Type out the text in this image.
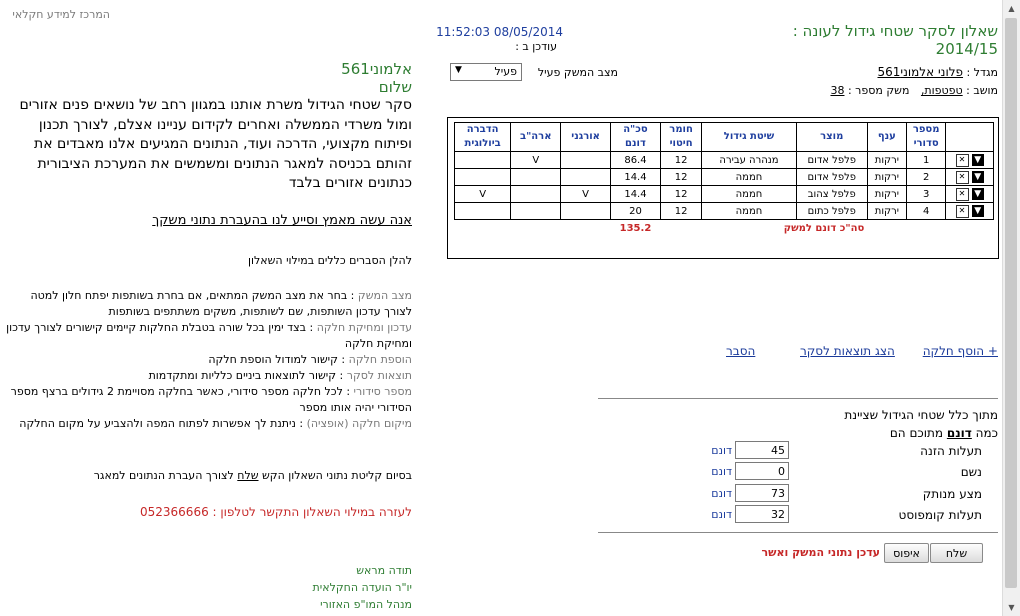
המרכז למידע חקלאי
11:52:03 08/05/2014 עודכן ב :
שאלון לסקר שטחי גידול לעונה : 2014/15
מגדל : פלוני אלמוני561
מושב : טפטפות, משק מספר : 38
מצב המשק פעיל
פעיל
▼
	מספר סדורי	ענף	מוצר	שיטת גידול	חומר חיטוי	סכ"ה דונם	אורגני	ארה"ב	הדברה ביולוגית
▼ ✕	1	ירקות	פלפל אדום	מנהרה עבירה	12	86.4		V	
▼ ✕	2	ירקות	פלפל אדום	חממה	12	14.4			
▼ ✕	3	ירקות	פלפל צהוב	חממה	12	14.4	V		V
▼ ✕	4	ירקות	פלפל כתום	חממה	12	20			
			סה"כ דונם למשק			135.2			
+ הוסף חלקה
הצג תוצאות לסקר
הסבר
מתוך כלל שטחי הגידול שציינת
כמה דונם מתוכם הם
תעלות הזנה
45
דונם
נשם
0
דונם
מצע מנותק
73
דונם
תעלות קומפוסט
32
דונם
שלח
איפוס
עדכן נתוני המשק ואשר
אלמוני561 שלום
סקר שטחי הגידול משרת אותנו במגוון רחב של נושאים פנים אזורים ומול משרדי הממשלה ואחרים לקידום עניינו אצלם, לצורך תכנון ופיתוח מקצועי, הדרכה ועוד, הנתונים המגיעים אלנו מאבדים את זהותם בכניסה למאגר הנתונים ומשמשים את המערכת הציבורית כנתונים אזורים בלבד
אנה עשה מאמץ וסייע לנו בהעברת נתוני משקך
להלן הסברים כללים במילוי השאלון
מצב המשק : בחר את מצב המשק המתאים, אם בחרת בשותפות יפתח חלון למטה לצורך עדכון השותפות, שם לשותפות, משקים משתתפים בשותפות
עדכון ומחיקת חלקה : בצד ימין בכל שורה בטבלת החלקות קיימים קישורים לצורך עדכון ומחיקת חלקה
הוספת חלקה : קישור למודול הוספת חלקה
תוצאות לסקר : קישור לתוצאות ביניים כלליות ומתקדמות
מספר סידורי : לכל חלקה מספר סידורי, כאשר בחלקה מסויימת 2 גידולים ברצף מספר הסידורי יהיה אותו מספר
מיקום חלקה (אופציה) : ניתנת לך אפשרות לפתוח המפה ולהצביע על מקום החלקה
בסיום קליטת נתוני השאלון הקש שלח לצורך העברת הנתונים למאגר
לעזרה במילוי השאלון התקשר לטלפון : 052366666
תודה מראש
יו"ר הועדה החקלאית
מנהל המו"פ האזורי
▲
▼
